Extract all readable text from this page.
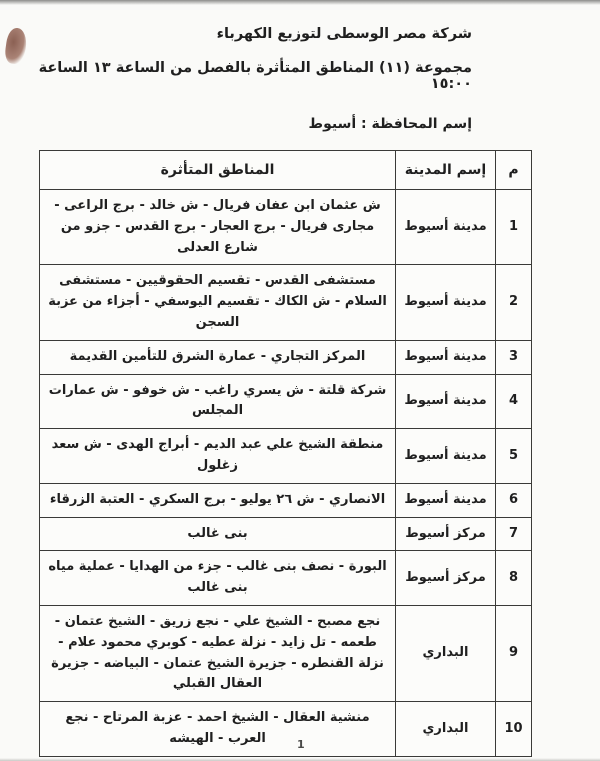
شركة مصر الوسطى لتوزيع الكهرباء

مجموعة (١١) المناطق المتأثرة بالفصل من الساعة ١٣ الساعة ١٥:٠٠

إسم المحافظة : أسيوط

م	إسم المدينة	المناطق المتأثرة
1	مدينة أسيوط	ش عثمان ابن عفان فريال - ش خالد - برج الراعى - مجارى فريال - برج العجار - برج القدس - جزو من شارع العدلى
2	مدينة أسيوط	مستشفى القدس - تقسيم الحقوقيين - مستشفى السلام - ش الكاك - تقسيم اليوسفي - أجزاء من عزبة السجن
3	مدينة أسيوط	المركز التجاري - عمارة الشرق للتأمين القديمة
4	مدينة أسيوط	شركة قلتة - ش يسري راغب - ش خوفو - ش عمارات المجلس
5	مدينة أسيوط	منطقة الشيخ علي عبد الديم - أبراج الهدى - ش سعد زغلول
6	مدينة أسيوط	الانصاري - ش ٢٦ يوليو - برج السكري - العتبة الزرقاء
7	مركز أسيوط	بنى غالب
8	مركز أسيوط	البورة - نصف بنى غالب - جزء من الهدايا - عملية مياه بنى غالب
9	البداري	نجع مصبح - الشيخ علي - نجع زريق - الشيخ عتمان - طعمه - تل زايد - نزلة عطيه - كوبري محمود علام - نزلة القنطره - جزيرة الشيخ عتمان - البياضه - جزيرة العقال القبلي
10	البداري	منشية العقال - الشيخ احمد - عزبة المرتاح - نجع العرب - الهيشه	1
